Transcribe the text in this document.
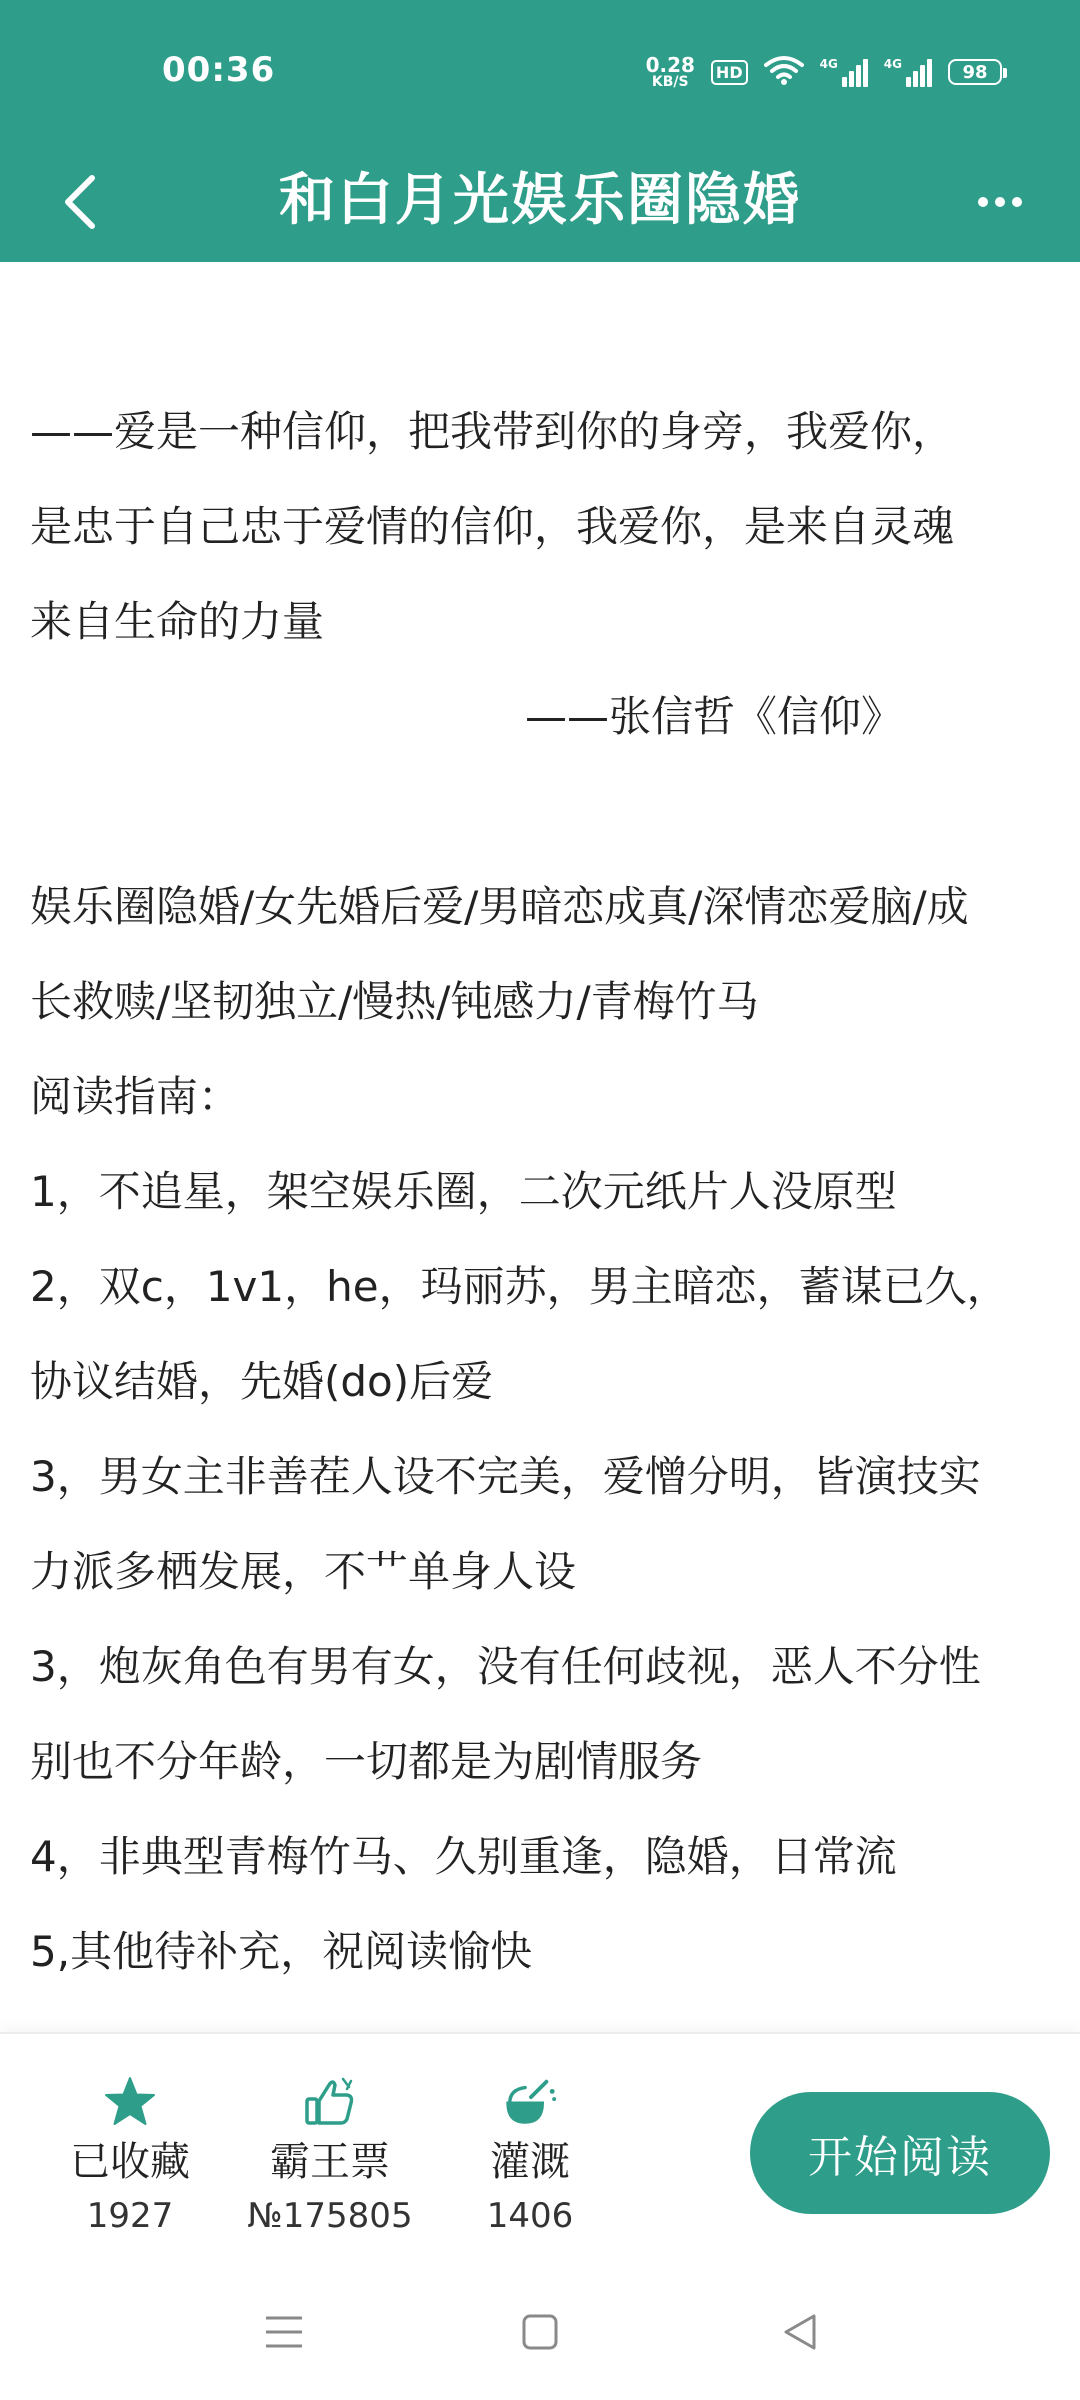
00:36	0.28
KB/S
HD	4G	4G	98
和白月光娱乐圈隐婚
——爱是一种信仰，把我带到你的身旁，我爱你，
是忠于自己忠于爱情的信仰，我爱你，是来自灵魂
来自生命的力量
——张信哲《信仰》
娱乐圈隐婚/女先婚后爱/男暗恋成真/深情恋爱脑/成
长救赎/坚韧独立/慢热/钝感力/青梅竹马
阅读指南：
1，不追星，架空娱乐圈，二次元纸片人没原型
2，双c，1v1，he，玛丽苏，男主暗恋，蓄谋已久，
协议结婚，先婚(do)后爱
3，男女主非善茬人设不完美，爱憎分明，皆演技实
力派多栖发展，不艹单身人设
3，炮灰角色有男有女，没有任何歧视，恶人不分性
别也不分年龄，一切都是为剧情服务
4，非典型青梅竹马、久别重逢，隐婚，日常流
5,其他待补充，祝阅读愉快
已收藏
1927
霸王票
№175805
灌溉
1406
开始阅读
